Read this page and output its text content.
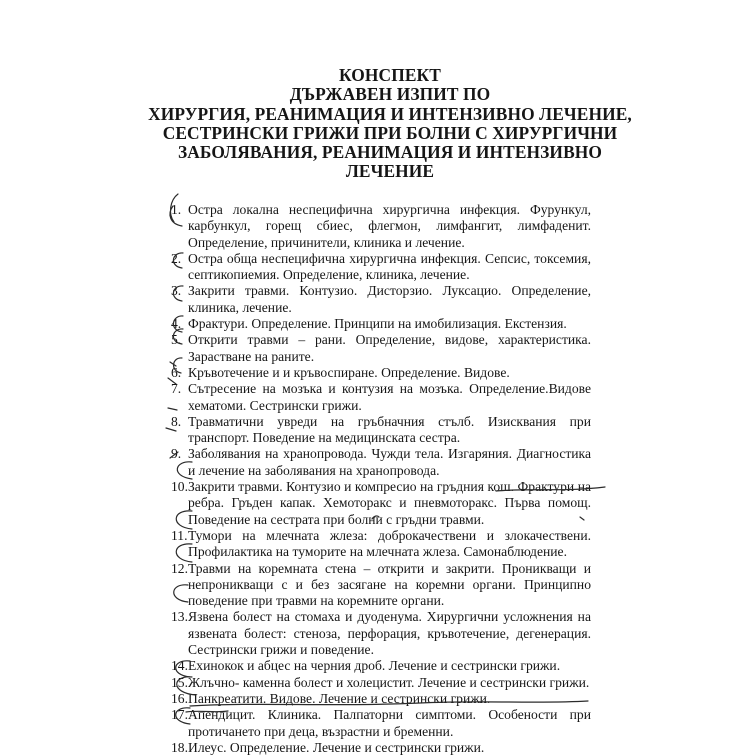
КОНСПЕКТ
ДЪРЖАВЕН ИЗПИТ ПО
ХИРУРГИЯ, РЕАНИМАЦИЯ И ИНТЕНЗИВНО ЛЕЧЕНИЕ,
СЕСТРИНСКИ ГРИЖИ ПРИ БОЛНИ С ХИРУРГИЧНИ
ЗАБОЛЯВАНИЯ, РЕАНИМАЦИЯ И ИНТЕНЗИВНО
ЛЕЧЕНИЕ
1. Остра локална неспецифична хирургична инфекция. Фурункул,
карбункул, горещ сбиес, флегмон, лимфангит, лимфаденит.
Определение, причинители, клиника и лечение.
2. Остра обща неспецифична хирургична инфекция. Сепсис, токсемия,
септикопиемия. Определение, клиника, лечение.
3. Закрити травми. Контузио. Дисторзио. Луксацио. Определение,
клиника, лечение.
4. Фрактури. Определение. Принципи на имобилизация. Екстензия.
5. Открити травми – рани. Определение, видове, характеристика.
Зарастване на раните.
6. Кръвотечение и и кръвоспиране. Определение. Видове.
7. Сътресение на мозъка и контузия на мозъка. Определение.Видове
хематоми. Сестрински грижи.
8. Травматични увреди на гръбначния стълб. Изисквания при
транспорт. Поведение на медицинската сестра.
9. Заболявания на хранопровода. Чужди тела. Изгаряния. Диагностика
и лечение на заболявания на хранопровода.
10. Закрити травми. Контузио и компресио на гръдния кош. Фрактури на
ребра. Гръден капак. Хемоторакс и пневмоторакс. Първа помощ.
Поведение на сестрата при болни с гръдни травми.
11. Тумори на млечната жлеза: доброкачествени и злокачествени.
Профилактика на туморите на млечната жлеза. Самонаблюдение.
12. Травми на коремната стена – открити и закрити. Проникващи и
непроникващи с и без засягане на коремни органи. Принципно
поведение при травми на коремните органи.
13. Язвена болест на стомаха и дуоденума. Хирургични усложнения на
язвената болест: стеноза, перфорация, кръвотечение, дегенерация.
Сестрински грижи и поведение.
14. Ехинокок и абцес на черния дроб. Лечение и сестрински грижи.
15. Жлъчно- каменна болест и холецистит. Лечение и сестрински грижи.
16. Панкреатити. Видове. Лечение и сестрински грижи.
17. Апендицит. Клиника. Палпаторни симптоми. Особености при
протичането при деца, възрастни и бременни.
18. Илеус. Определение. Лечение и сестрински грижи.
